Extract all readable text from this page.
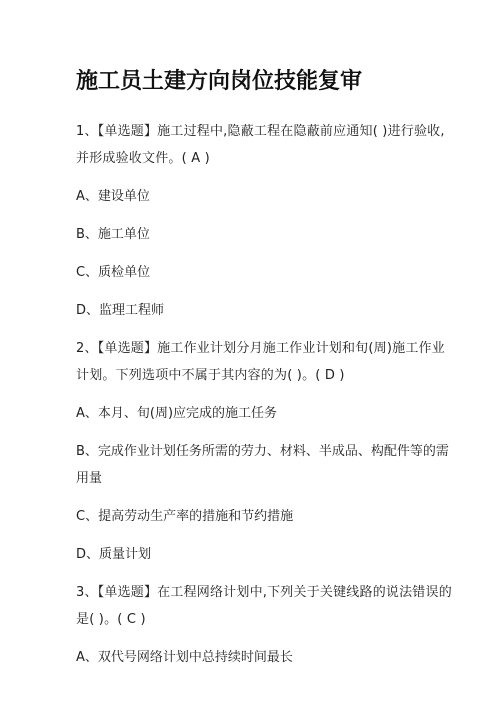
施工员土建方向岗位技能复审
1、【单选题】施工过程中,隐蔽工程在隐蔽前应通知( )进行验收,并形成验收文件。( A )
A、建设单位
B、施工单位
C、质检单位
D、监理工程师
2、【单选题】施工作业计划分月施工作业计划和旬(周)施工作业计划。下列选项中不属于其内容的为( )。( D )
A、本月、旬(周)应完成的施工任务
B、完成作业计划任务所需的劳力、材料、半成品、构配件等的需用量
C、提高劳动生产率的措施和节约措施
D、质量计划
3、【单选题】在工程网络计划中,下列关于关键线路的说法错误的是( )。( C )
A、双代号网络计划中总持续时间最长
